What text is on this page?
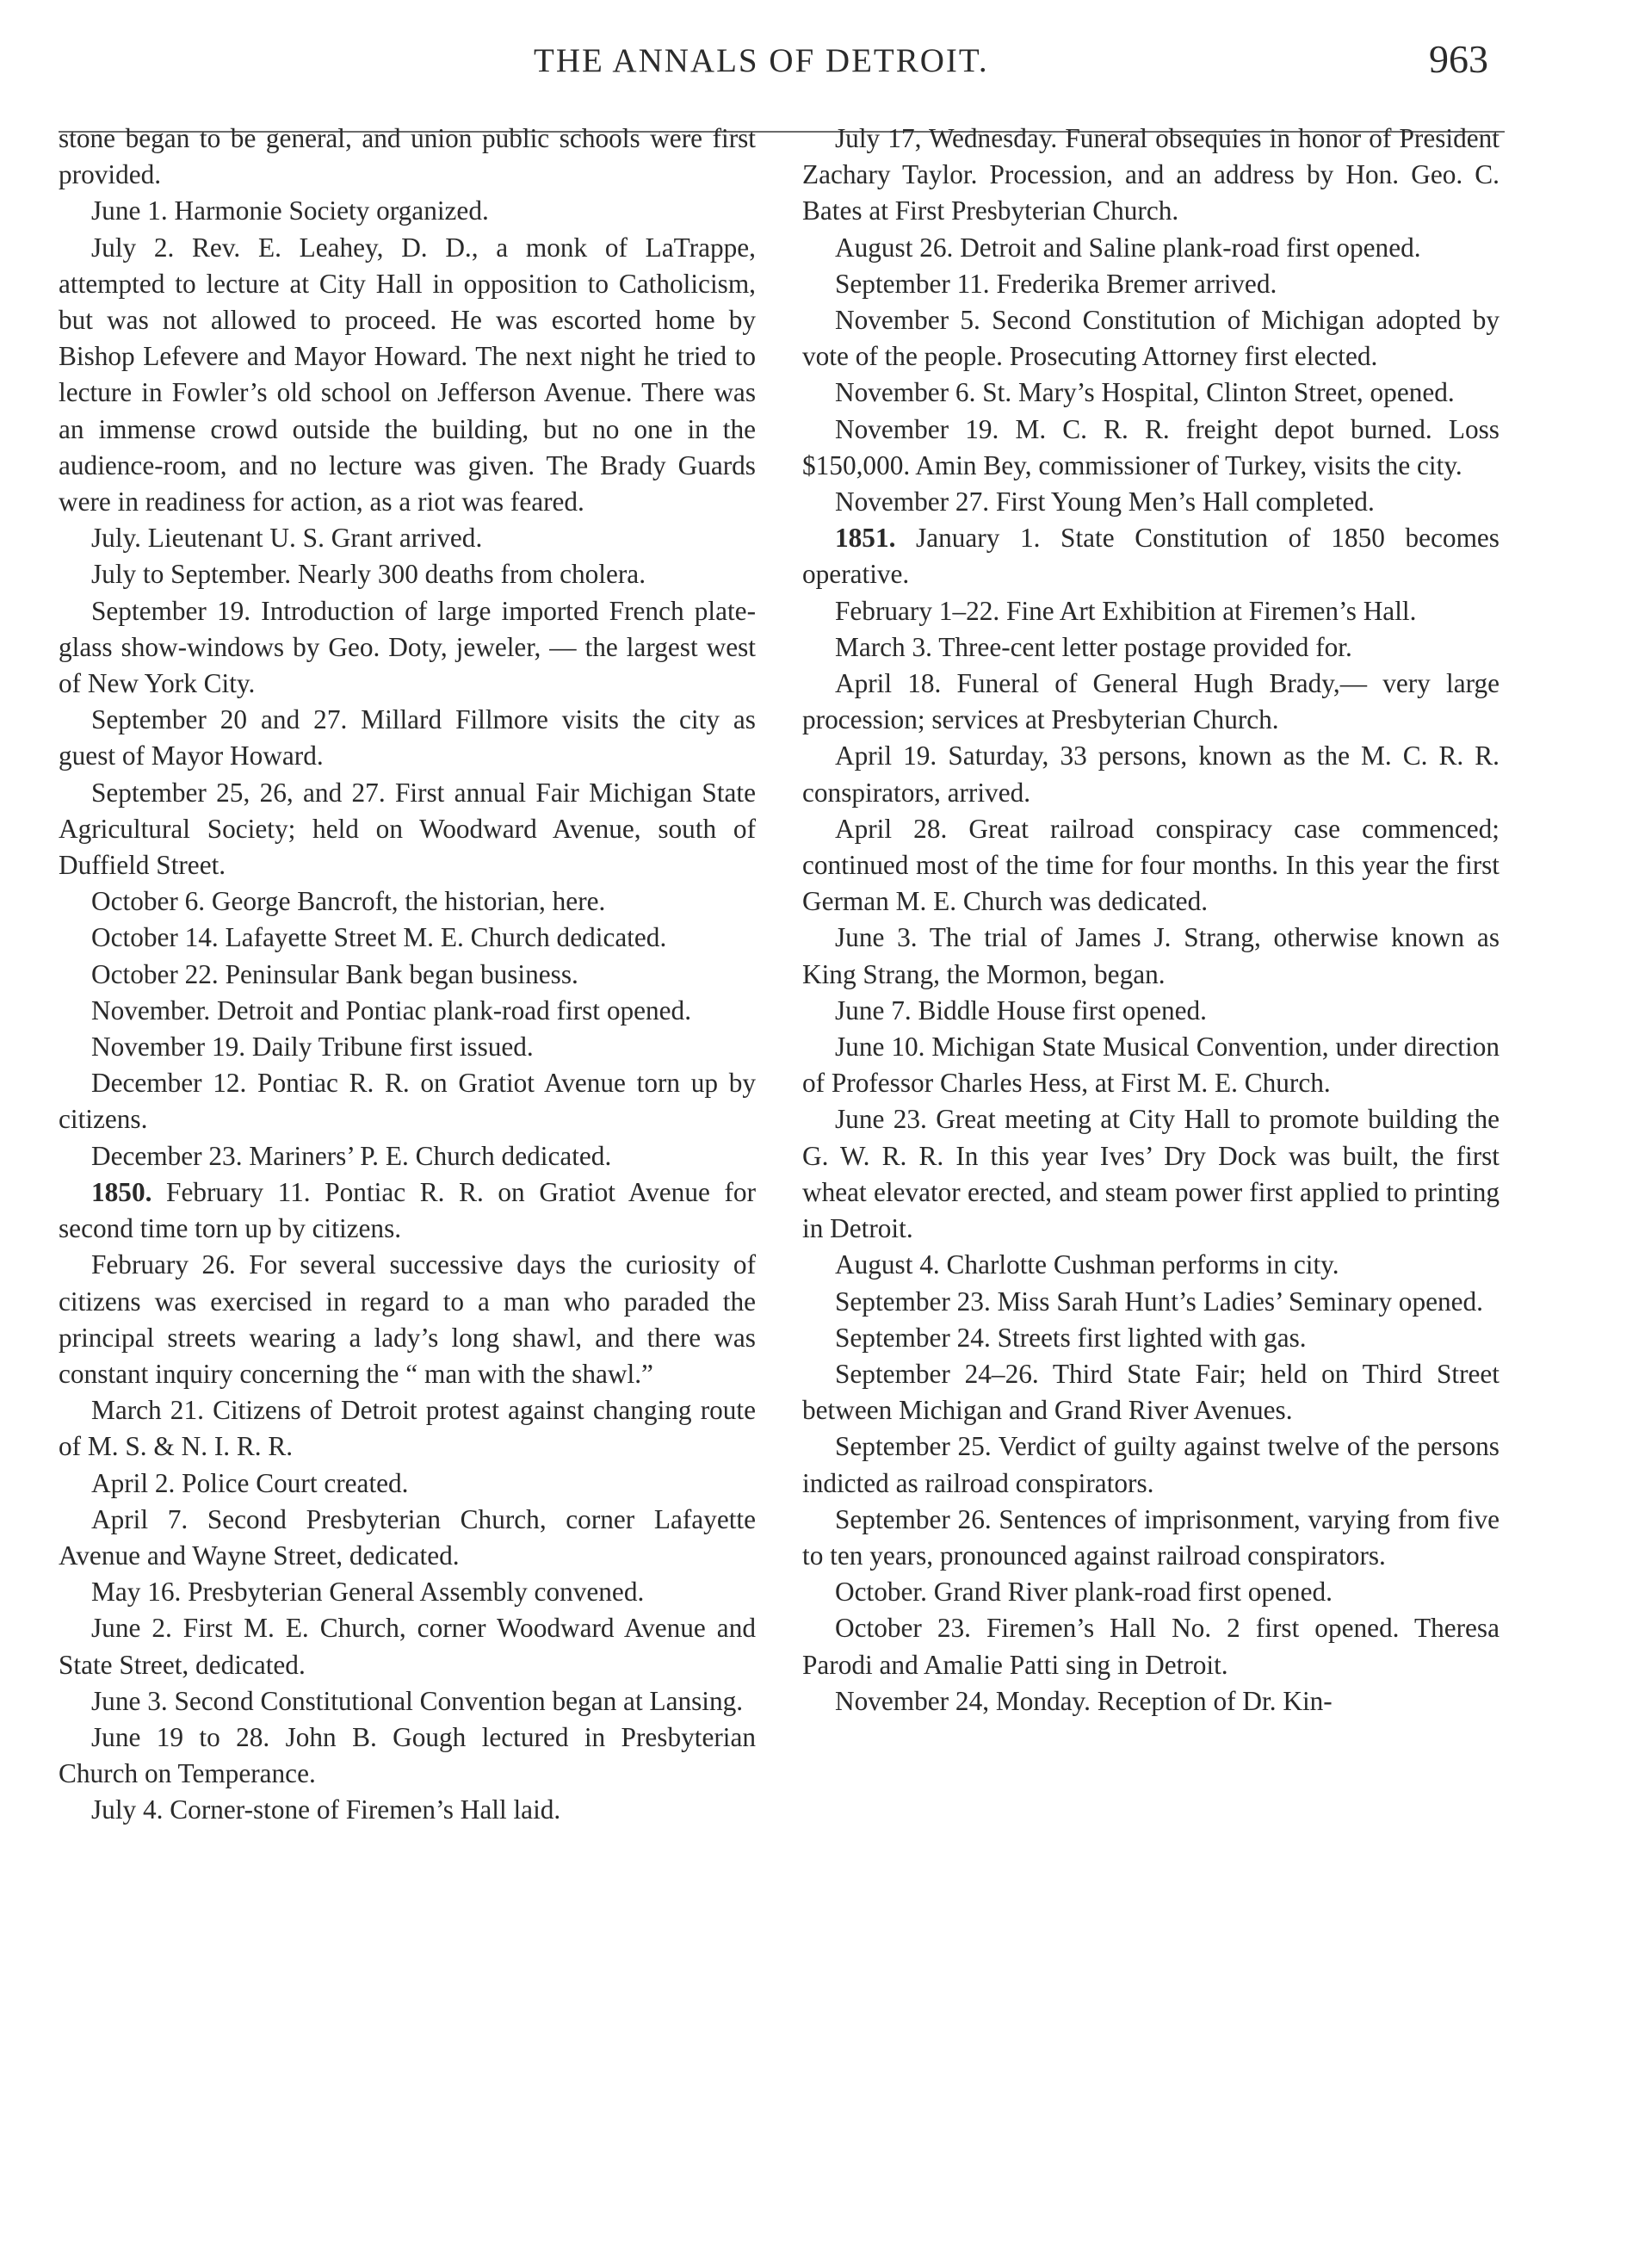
THE ANNALS OF DETROIT.	963

stone began to be general, and union public schools were first provided.

June 1. Harmonie Society organized.

July 2. Rev. E. Leahey, D. D., a monk of LaTrappe, attempted to lecture at City Hall in opposition to Catholicism, but was not allowed to proceed. He was escorted home by Bishop Lefevere and Mayor Howard. The next night he tried to lecture in Fowler’s old school on Jefferson Avenue. There was an immense crowd outside the building, but no one in the audience-room, and no lecture was given. The Brady Guards were in readiness for action, as a riot was feared.

July. Lieutenant U. S. Grant arrived.

July to September. Nearly 300 deaths from cholera.

September 19. Introduction of large imported French plate-glass show-windows by Geo. Doty, jeweler, — the largest west of New York City.

September 20 and 27. Millard Fillmore visits the city as guest of Mayor Howard.

September 25, 26, and 27. First annual Fair Michigan State Agricultural Society; held on Woodward Avenue, south of Duffield Street.

October 6. George Bancroft, the historian, here.

October 14. Lafayette Street M. E. Church dedicated.

October 22. Peninsular Bank began business.

November. Detroit and Pontiac plank-road first opened.

November 19. Daily Tribune first issued.

December 12. Pontiac R. R. on Gratiot Avenue torn up by citizens.

December 23. Mariners’ P. E. Church dedicated.

1850. February 11. Pontiac R. R. on Gratiot Avenue for second time torn up by citizens.

February 26. For several successive days the curiosity of citizens was exercised in regard to a man who paraded the principal streets wearing a lady’s long shawl, and there was constant inquiry concerning the “ man with the shawl.”

March 21. Citizens of Detroit protest against changing route of M. S. & N. I. R. R.

April 2. Police Court created.

April 7. Second Presbyterian Church, corner Lafayette Avenue and Wayne Street, dedicated.

May 16. Presbyterian General Assembly convened.

June 2. First M. E. Church, corner Woodward Avenue and State Street, dedicated.

June 3. Second Constitutional Convention began at Lansing.

June 19 to 28. John B. Gough lectured in Presbyterian Church on Temperance.

July 4. Corner-stone of Firemen’s Hall laid.

July 17, Wednesday. Funeral obsequies in honor of President Zachary Taylor. Procession, and an address by Hon. Geo. C. Bates at First Presbyterian Church.

August 26. Detroit and Saline plank-road first opened.

September 11. Frederika Bremer arrived.

November 5. Second Constitution of Michigan adopted by vote of the people. Prosecuting Attorney first elected.

November 6. St. Mary’s Hospital, Clinton Street, opened.

November 19. M. C. R. R. freight depot burned. Loss $150,000. Amin Bey, commissioner of Turkey, visits the city.

November 27. First Young Men’s Hall completed.

1851. January 1. State Constitution of 1850 becomes operative.

February 1–22. Fine Art Exhibition at Firemen’s Hall.

March 3. Three-cent letter postage provided for.

April 18. Funeral of General Hugh Brady,— very large procession; services at Presbyterian Church.

April 19. Saturday, 33 persons, known as the M. C. R. R. conspirators, arrived.

April 28. Great railroad conspiracy case commenced; continued most of the time for four months. In this year the first German M. E. Church was dedicated.

June 3. The trial of James J. Strang, otherwise known as King Strang, the Mormon, began.

June 7. Biddle House first opened.

June 10. Michigan State Musical Convention, under direction of Professor Charles Hess, at First M. E. Church.

June 23. Great meeting at City Hall to promote building the G. W. R. R. In this year Ives’ Dry Dock was built, the first wheat elevator erected, and steam power first applied to printing in Detroit.

August 4. Charlotte Cushman performs in city.

September 23. Miss Sarah Hunt’s Ladies’ Seminary opened.

September 24. Streets first lighted with gas.

September 24–26. Third State Fair; held on Third Street between Michigan and Grand River Avenues.

September 25. Verdict of guilty against twelve of the persons indicted as railroad conspirators.

September 26. Sentences of imprisonment, varying from five to ten years, pronounced against railroad conspirators.

October. Grand River plank-road first opened.

October 23. Firemen’s Hall No. 2 first opened. Theresa Parodi and Amalie Patti sing in Detroit.

November 24, Monday. Reception of Dr. Kin-
